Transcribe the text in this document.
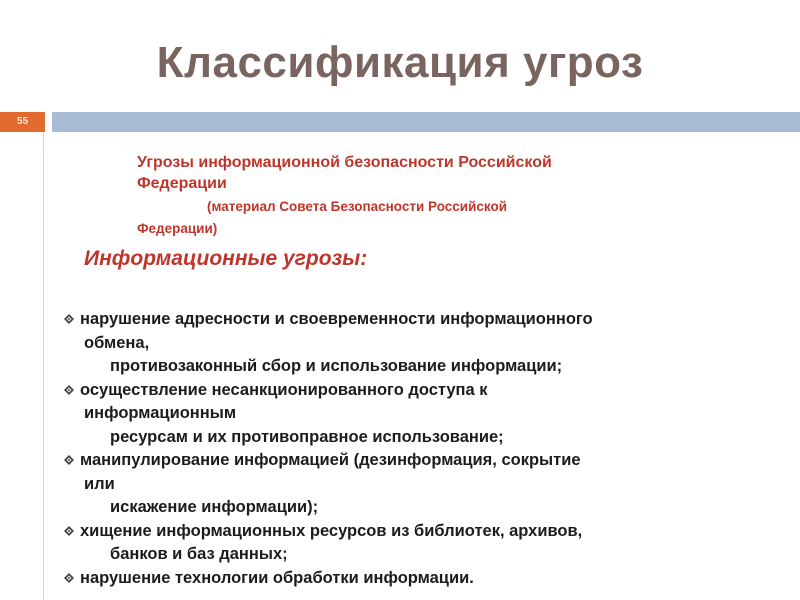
Классификация угроз
55
Угрозы информационной безопасности Российской
Федерации
(материал Совета Безопасности Российской
Федерации)
Информационные угрозы:
нарушение адресности и своевременности информационного
обмена,
противозаконный сбор и использование информации;
осуществление несанкционированного доступа к
информационным
ресурсам и их противоправное использование;
манипулирование информацией (дезинформация, сокрытие
или
искажение информации);
хищение информационных ресурсов из библиотек, архивов,
банков и баз данных;
нарушение технологии обработки информации.
